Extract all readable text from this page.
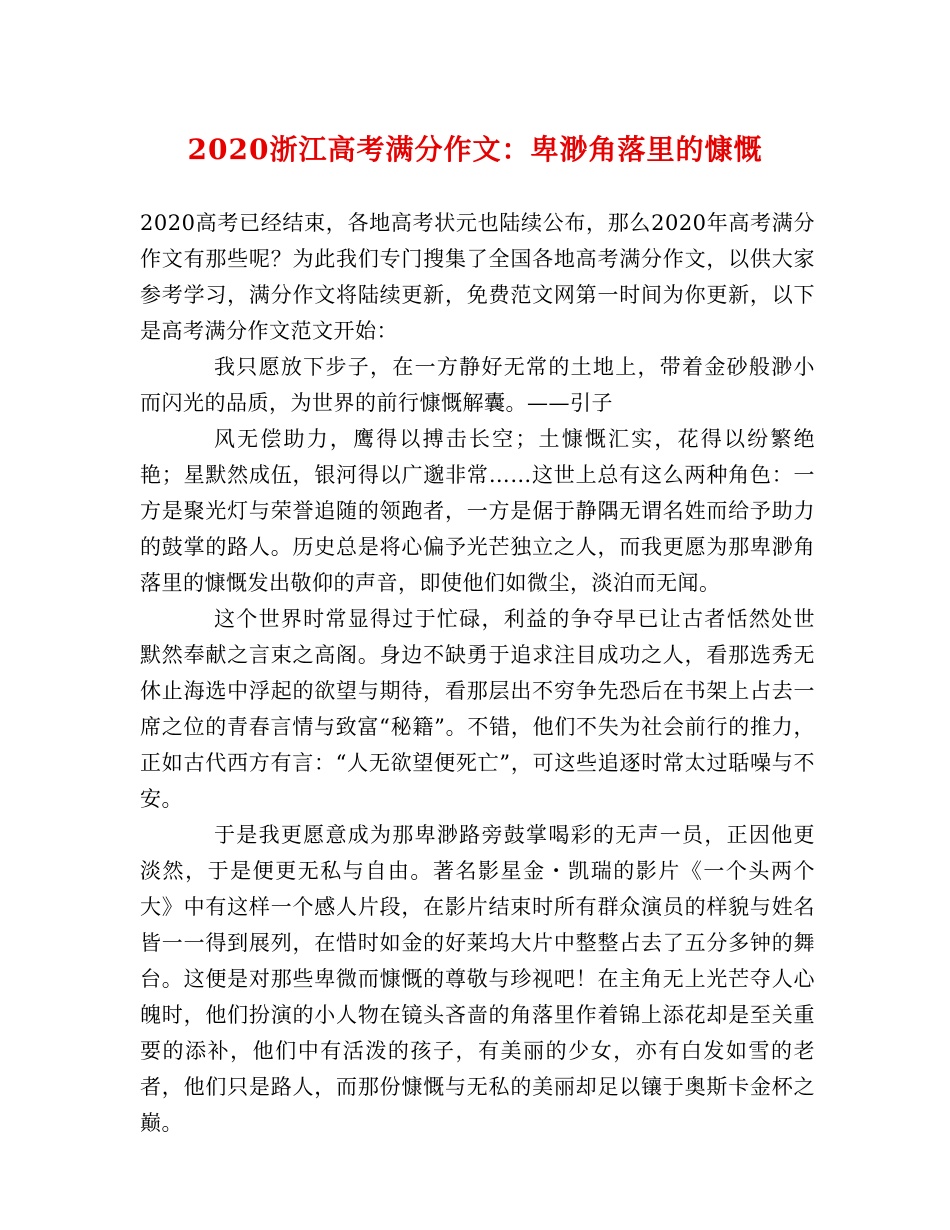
2020浙江高考满分作文：卑渺角落里的慷慨

2020高考已经结束，各地高考状元也陆续公布，那么2020年高考满分作文有那些呢？为此我们专门搜集了全国各地高考满分作文，以供大家参考学习，满分作文将陆续更新，免费范文网第一时间为你更新，以下是高考满分作文范文开始：

我只愿放下步子，在一方静好无常的土地上，带着金砂般渺小而闪光的品质，为世界的前行慷慨解囊。——引子

风无偿助力，鹰得以搏击长空；土慷慨汇实，花得以纷繁绝艳；星默然成伍，银河得以广邈非常……这世上总有这么两种角色：一方是聚光灯与荣誉追随的领跑者，一方是倨于静隅无谓名姓而给予助力的鼓掌的路人。历史总是将心偏予光芒独立之人，而我更愿为那卑渺角落里的慷慨发出敬仰的声音，即使他们如微尘，淡泊而无闻。

这个世界时常显得过于忙碌，利益的争夺早已让古者恬然处世默然奉献之言束之高阁。身边不缺勇于追求注目成功之人，看那选秀无休止海选中浮起的欲望与期待，看那层出不穷争先恐后在书架上占去一席之位的青春言情与致富“秘籍”。不错，他们不失为社会前行的推力，正如古代西方有言：“人无欲望便死亡”，可这些追逐时常太过聒噪与不安。

于是我更愿意成为那卑渺路旁鼓掌喝彩的无声一员，正因他更淡然，于是便更无私与自由。著名影星金・凯瑞的影片《一个头两个大》中有这样一个感人片段，在影片结束时所有群众演员的样貌与姓名皆一一得到展列，在惜时如金的好莱坞大片中整整占去了五分多钟的舞台。这便是对那些卑微而慷慨的尊敬与珍视吧！在主角无上光芒夺人心魄时，他们扮演的小人物在镜头吝啬的角落里作着锦上添花却是至关重要的添补，他们中有活泼的孩子，有美丽的少女，亦有白发如雪的老者，他们只是路人，而那份慷慨与无私的美丽却足以镶于奥斯卡金杯之巅。
